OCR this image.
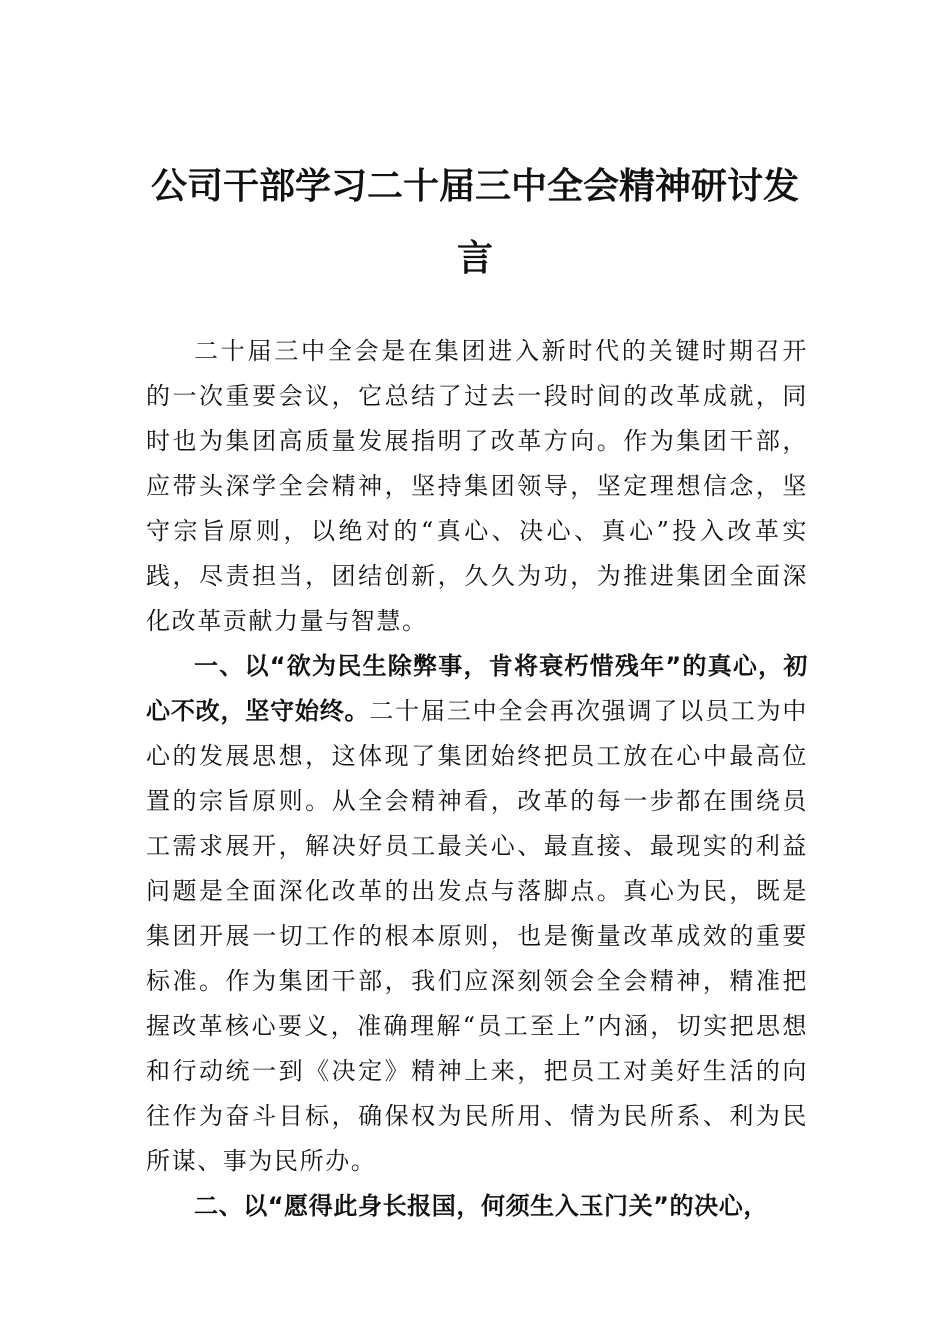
公司干部学习二十届三中全会精神研讨发言

二十届三中全会是在集团进入新时代的关键时期召开的一次重要会议，它总结了过去一段时间的改革成就，同时也为集团高质量发展指明了改革方向。作为集团干部，应带头深学全会精神，坚持集团领导，坚定理想信念，坚守宗旨原则，以绝对的“真心、决心、真心”投入改革实践，尽责担当，团结创新，久久为功，为推进集团全面深化改革贡献力量与智慧。

一、以“欲为民生除弊事，肯将衰朽惜残年”的真心，初心不改，坚守始终。二十届三中全会再次强调了以员工为中心的发展思想，这体现了集团始终把员工放在心中最高位置的宗旨原则。从全会精神看，改革的每一步都在围绕员工需求展开，解决好员工最关心、最直接、最现实的利益问题是全面深化改革的出发点与落脚点。真心为民，既是集团开展一切工作的根本原则，也是衡量改革成效的重要标准。作为集团干部，我们应深刻领会全会精神，精准把握改革核心要义，准确理解“员工至上”内涵，切实把思想和行动统一到《决定》精神上来，把员工对美好生活的向往作为奋斗目标，确保权为民所用、情为民所系、利为民所谋、事为民所办。

二、以“愿得此身长报国，何须生入玉门关”的决心，
